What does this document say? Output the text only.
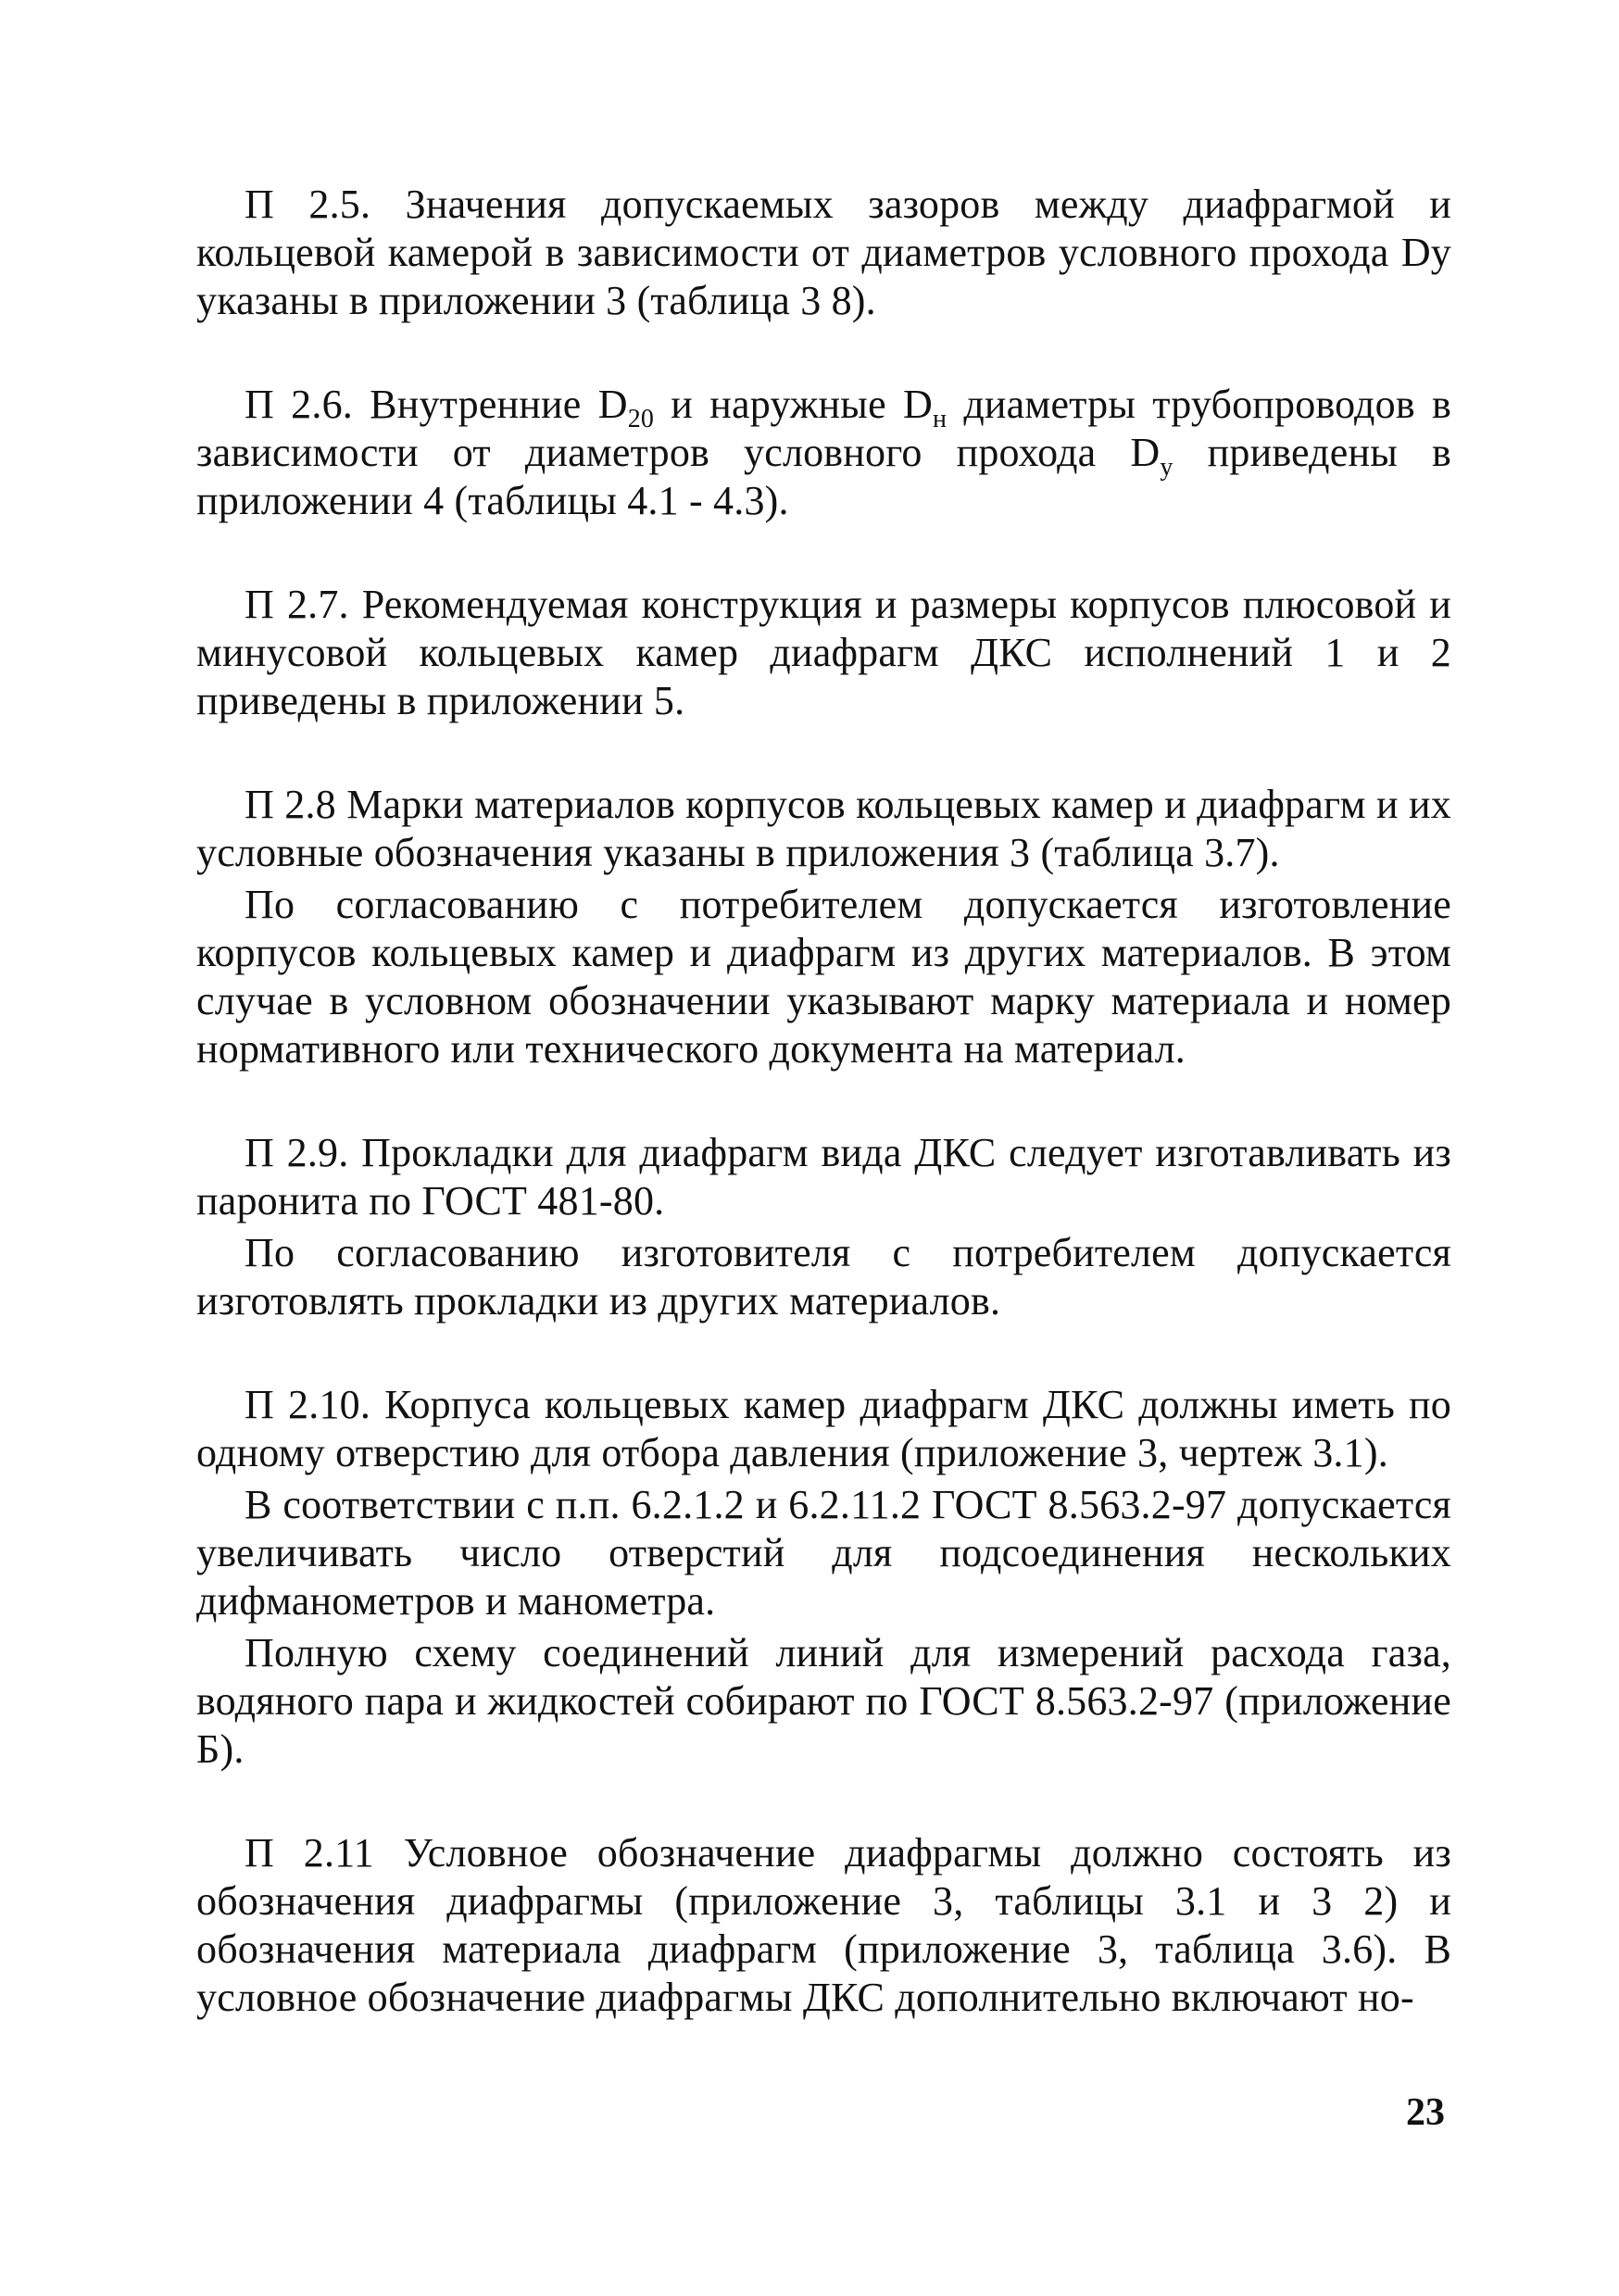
П 2.5. Значения допускаемых зазоров между диафрагмой и кольцевой камерой в зависимости от диаметров условного прохода Dу указаны в приложении 3 (таблица 3 8).

П 2.6. Внутренние $D_{20}$ и наружные $D_н$ диаметры трубопроводов в зависимости от диаметров условного прохода $D_у$ приведены в приложении 4 (таблицы 4.1 - 4.3).

П 2.7. Рекомендуемая конструкция и размеры корпусов плюсовой и минусовой кольцевых камер диафрагм ДКС исполнений 1 и 2 приведены в приложении 5.

П 2.8 Марки материалов корпусов кольцевых камер и диафрагм и их условные обозначения указаны в приложения 3 (таблица 3.7).

По согласованию с потребителем допускается изготовление корпусов кольцевых камер и диафрагм из других материалов. В этом случае в условном обозначении указывают марку материала и номер нормативного или технического документа на материал.

П 2.9. Прокладки для диафрагм вида ДКС следует изготавливать из паронита по ГОСТ 481-80.

По согласованию изготовителя с потребителем допускается изготовлять прокладки из других материалов.

П 2.10. Корпуса кольцевых камер диафрагм ДКС должны иметь по одному отверстию для отбора давления (приложение 3, чертеж 3.1).

В соответствии с п.п. 6.2.1.2 и 6.2.11.2 ГОСТ 8.563.2-97 допускается увеличивать число отверстий для подсоединения нескольких дифманометров и манометра.

Полную схему соединений линий для измерений расхода газа, водяного пара и жидкостей собирают по ГОСТ 8.563.2-97 (приложение Б).

П 2.11 Условное обозначение диафрагмы должно состоять из обозначения диафрагмы (приложение 3, таблицы 3.1 и 3 2) и обозначения материала диафрагм (приложение 3, таблица 3.6). В условное обозначение диафрагмы ДКС дополнительно включают но-

23
